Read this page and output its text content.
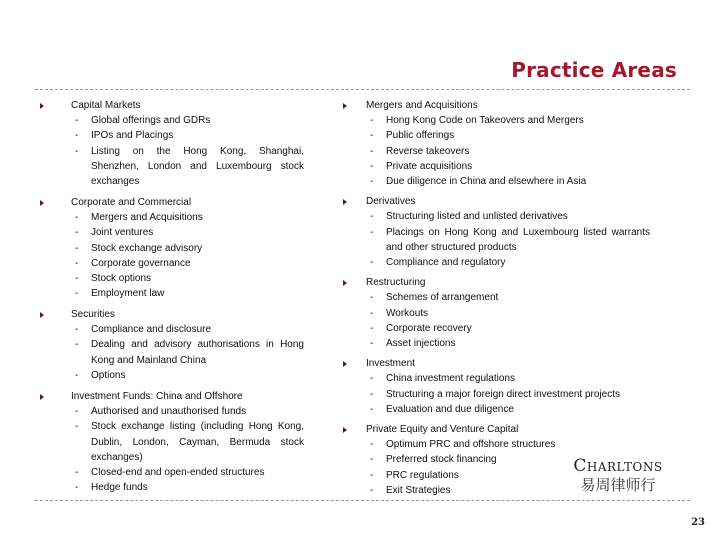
Practice Areas
Capital Markets
- Global offerings and GDRs
- IPOs and Placings
- Listing on the Hong Kong, Shanghai, Shenzhen, London and Luxembourg stock exchanges
Corporate and Commercial
- Mergers and Acquisitions
- Joint ventures
- Stock exchange advisory
- Corporate governance
- Stock options
- Employment law
Securities
- Compliance and disclosure
- Dealing and advisory authorisations in Hong Kong and Mainland China
- Options
Investment Funds: China and Offshore
- Authorised and unauthorised funds
- Stock exchange listing (including Hong Kong, Dublin, London, Cayman, Bermuda stock exchanges)
- Closed-end and open-ended structures
- Hedge funds
Mergers and Acquisitions
- Hong Kong Code on Takeovers and Mergers
- Public offerings
- Reverse takeovers
- Private acquisitions
- Due diligence in China and elsewhere in Asia
Derivatives
- Structuring listed and unlisted derivatives
- Placings on Hong Kong and Luxembourg listed warrants and other structured products
- Compliance and regulatory
Restructuring
- Schemes of arrangement
- Workouts
- Corporate recovery
- Asset injections
Investment
- China investment regulations
- Structuring a major foreign direct investment projects
- Evaluation and due diligence
Private Equity and Venture Capital
- Optimum PRC and offshore structures
- Preferred stock financing
- PRC regulations
- Exit Strategies
Charltons
易周律师行
23
